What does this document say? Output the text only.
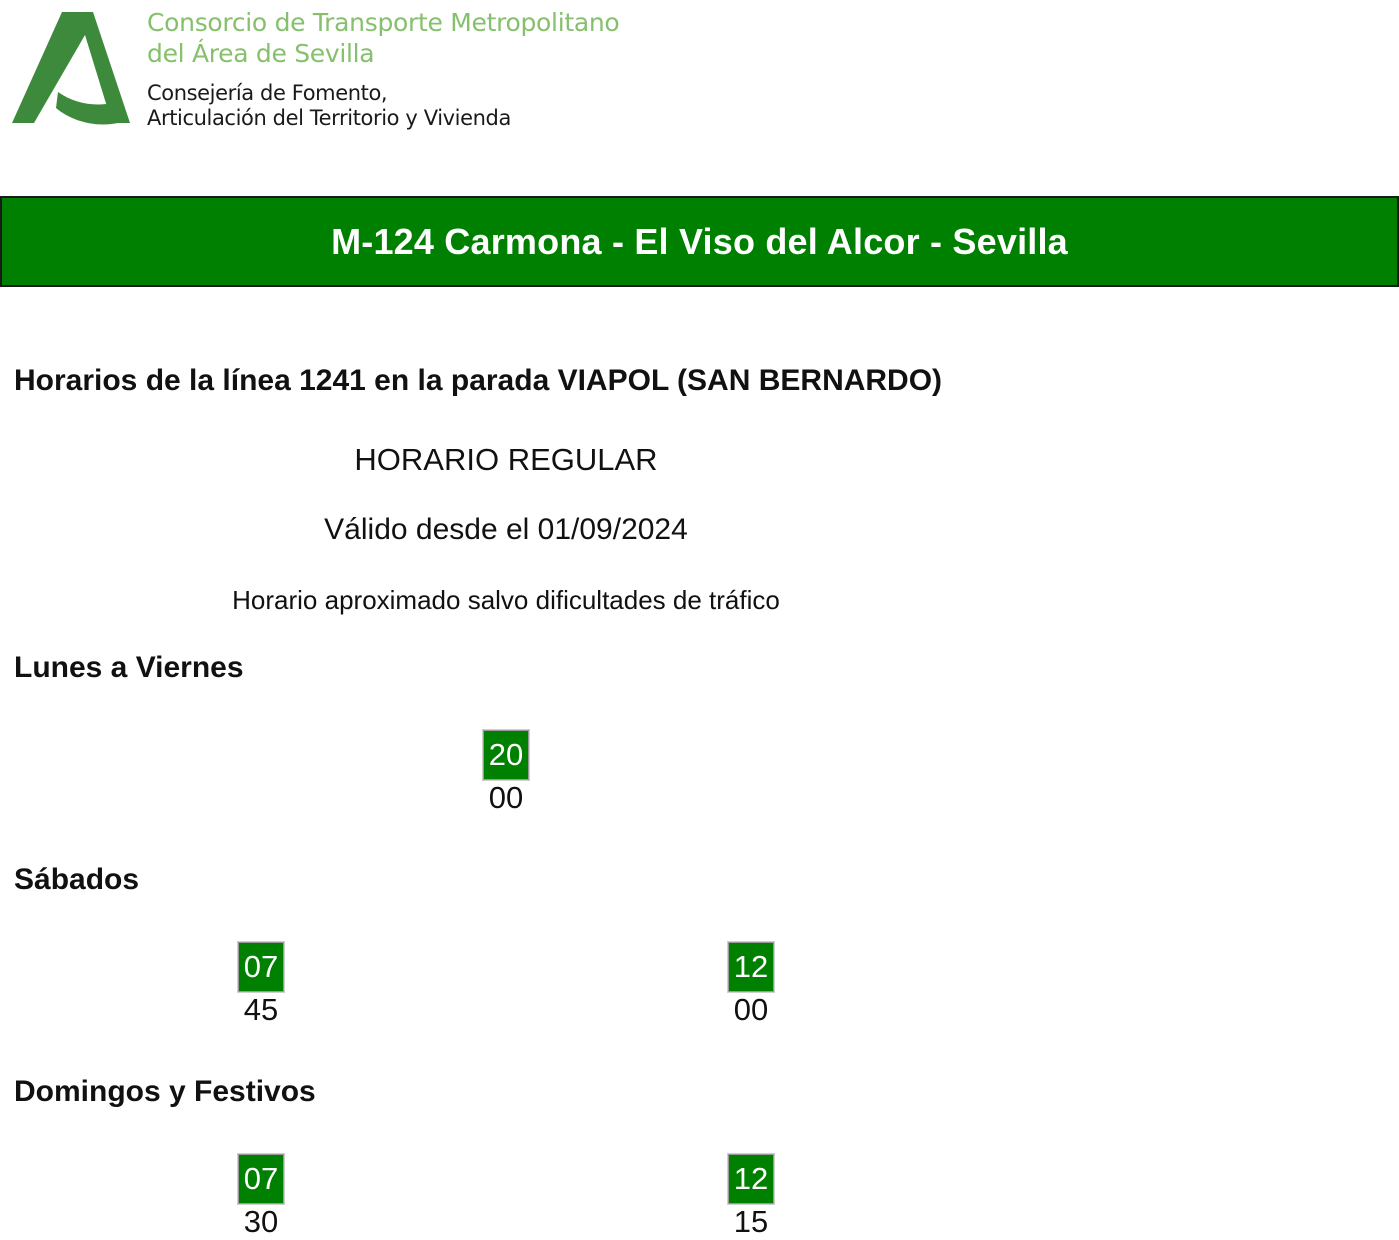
Consorcio de Transporte Metropolitano
del Área de Sevilla
Consejería de Fomento,
Articulación del Territorio y Vivienda
M-124 Carmona - El Viso del Alcor - Sevilla
Horarios de la línea 1241 en la parada VIAPOL (SAN BERNARDO)
HORARIO REGULAR
Válido desde el 01/09/2024
Horario aproximado salvo dificultades de tráfico
Lunes a Viernes
20
00
Sábados
07
45
12
00
Domingos y Festivos
07
30
12
15
